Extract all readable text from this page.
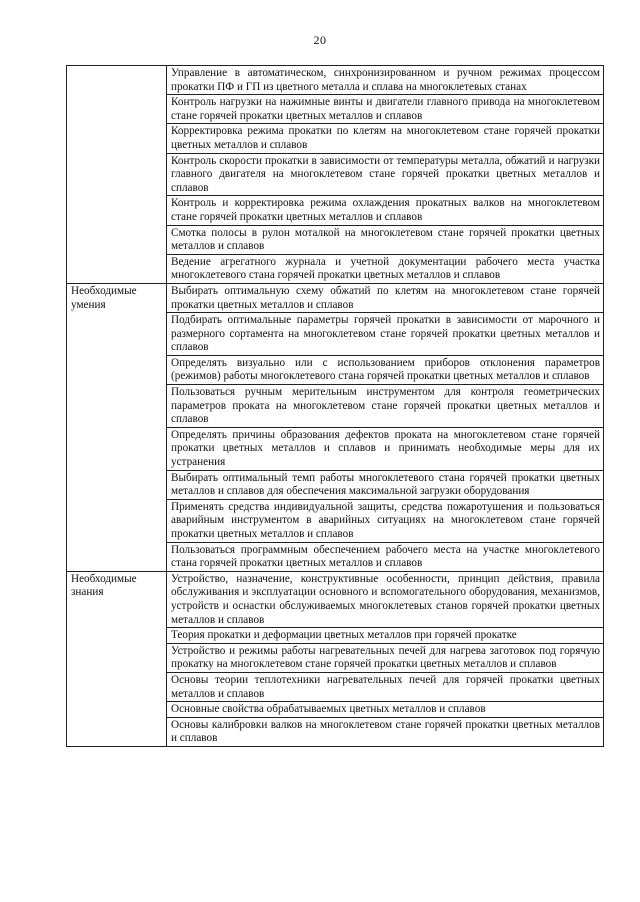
20
	Управление в автоматическом, синхронизированном и ручном режимах процессом прокатки ПФ и ГП из цветного металла и сплава на многоклетевых станах
	Контроль нагрузки на нажимные винты и двигатели главного привода на многоклетевом стане горячей прокатки цветных металлов и сплавов
	Корректировка режима прокатки по клетям на многоклетевом стане горячей прокатки цветных металлов и сплавов
	Контроль скорости прокатки в зависимости от температуры металла, обжатий и нагрузки главного двигателя на многоклетевом стане горячей прокатки цветных металлов и сплавов
	Контроль и корректировка режима охлаждения прокатных валков на многоклетевом стане горячей прокатки цветных металлов и сплавов
	Смотка полосы в рулон моталкой на многоклетевом стане горячей прокатки цветных металлов и сплавов
	Ведение агрегатного журнала и учетной документации рабочего места участка многоклетевого стана горячей прокатки цветных металлов и сплавов
Необходимые умения	Выбирать оптимальную схему обжатий по клетям на многоклетевом стане горячей прокатки цветных металлов и сплавов
	Подбирать оптимальные параметры горячей прокатки в зависимости от марочного и размерного сортамента на многоклетевом стане горячей прокатки цветных металлов и сплавов
	Определять визуально или с использованием приборов отклонения параметров (режимов) работы многоклетевого стана горячей прокатки цветных металлов и сплавов
	Пользоваться ручным мерительным инструментом для контроля геометрических параметров проката на многоклетевом стане горячей прокатки цветных металлов и сплавов
	Определять причины образования дефектов проката на многоклетевом стане горячей прокатки цветных металлов и сплавов и принимать необходимые меры для их устранения
	Выбирать оптимальный темп работы многоклетевого стана горячей прокатки цветных металлов и сплавов для обеспечения максимальной загрузки оборудования
	Применять средства индивидуальной защиты, средства пожаротушения и пользоваться аварийным инструментом в аварийных ситуациях на многоклетевом стане горячей прокатки цветных металлов и сплавов
	Пользоваться программным обеспечением рабочего места на участке многоклетевого стана горячей прокатки цветных металлов и сплавов
Необходимые знания	Устройство, назначение, конструктивные особенности, принцип действия, правила обслуживания и эксплуатации основного и вспомогательного оборудования, механизмов, устройств и оснастки обслуживаемых многоклетевых станов горячей прокатки цветных металлов и сплавов
	Теория прокатки и деформации цветных металлов при горячей прокатке
	Устройство и режимы работы нагревательных печей для нагрева заготовок под горячую прокатку на многоклетевом стане горячей прокатки цветных металлов и сплавов
	Основы теории теплотехники нагревательных печей для горячей прокатки цветных металлов и сплавов
	Основные свойства обрабатываемых цветных металлов и сплавов
	Основы калибровки валков на многоклетевом стане горячей прокатки цветных металлов и сплавов
